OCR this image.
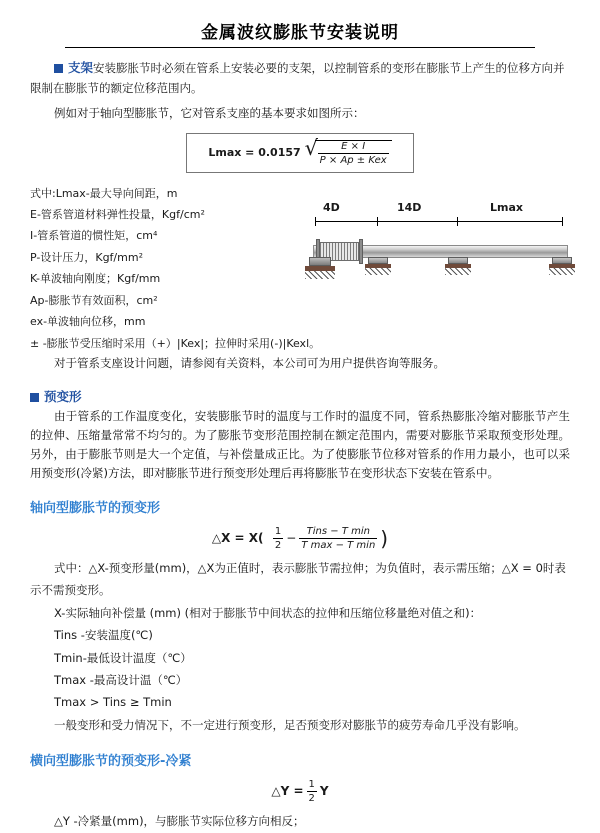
金属波纹膨胀节安装说明
支架安装膨胀节时必须在管系上安装必要的支架，以控制管系的变形在膨胀节上产生的位移方向并限制在膨胀节的额定位移范围内。

例如对于轴向型膨胀节，它对管系支座的基本要求如图所示：

Lmax = 0.0157 √ $\frac{E \times I}{\text{P × Ap ± Kex}}$
式中:Lmax-最大导向间距，m
E-管系管道材料弹性投量，Kgf/cm²
I-管系管道的惯性矩，cm⁴
P-设计压力，Kgf/mm²
K-单波轴向刚度；Kgf/mm
Ap-膨胀节有效面积，cm²
ex-单波轴向位移，mm
± -膨胀节受压缩时采用（+）|Kex|；拉伸时采用(-)|Kexl。
4D	14D	Lmax

对于管系支座设计问题，请参阅有关资料，本公司可为用户提供咨询等服务。

预变形

由于管系的工作温度变化，安装膨胀节时的温度与工作时的温度不同，管系热膨胀冷缩对膨胀节产生的拉伸、压缩量常常不均匀的。为了膨胀节变形范围控制在额定范围内，需要对膨胀节采取预变形处理。另外，由于膨胀节则是大一个定值，与补偿量成正比。为了使膨胀节位移对管系的作用力最小，也可以采用预变形(冷紧)方法，即对膨胀节进行预变形处理后再将膨胀节在变形状态下安装在管系中。

轴向型膨胀节的预变形
△X = $X( \frac{1}{2} - \frac{\text{Tins − T min}}{\text{T max − T min}}$ )
式中：△X-预变形量(mm)，△X为正值时，表示膨胀节需拉伸；为负值时，表示需压缩；△X = 0时表示不需预变形。
X-实际轴向补偿量 (mm) (相对于膨胀节中间状态的拉伸和压缩位移量绝对值之和)：
Tins -安装温度(℃)
Tmin-最低设计温度（℃）
Tmax -最高设计温（℃）
Tmax > Tins ≥ Tmin
一般变形和受力情况下，不一定进行预变形，足否预变形对膨胀节的疲劳寿命几乎没有影响。
横向型膨胀节的预变形-冷紧
△Y = $\frac{1}{2}$ Y
△Y -冷紧量(mm)，与膨胀节实际位移方向相反；
